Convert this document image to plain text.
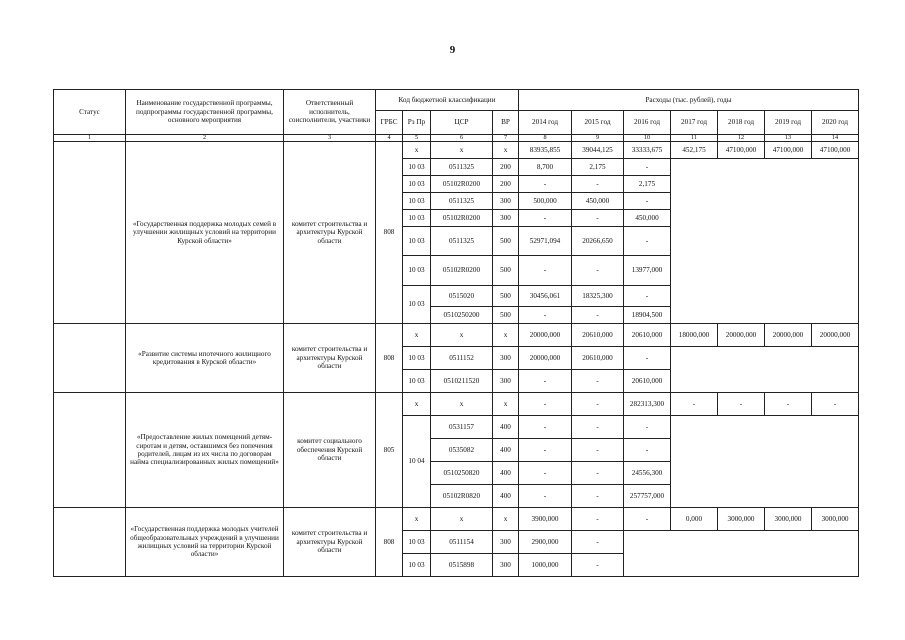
9
Статус	Наименование государственной программы, подпрограммы государственной программы, основного мероприятия	Ответственный исполнитель, соисполнители, участники	Код бюджетной классификации				Расходы (тыс. рублей), годы						
			ГРБС	Рз Пр	ЦСР	ВР	2014 год	2015 год	2016 год	2017 год	2018 год	2019 год	2020 год
1	2	3	4	5	6	7	8	9	10	11	12	13	14
	«Государственная поддержка молодых семей в улучшении жилищных условий на территории Курской области»	комитет строительства и архитектуры Курской области	808	x	x	x	83935,855	39044,125	33333,675	452,175	47100,000	47100,000	47100,000
				10 03	0511325	200	8,700	2,175	-				
				10 03	05102R0200	200	-	-	2,175				
				10 03	0511325	300	500,000	450,000	-				
				10 03	05102R0200	300	-	-	450,000				
				10 03	0511325	500	52971,094	20266,650	-				
				10 03	05102R0200	500	-	-	13977,000				
				10 03	0515020	500	30456,061	18325,300	-				
					0510250200	500	-	-	18904,500				
	«Развитие системы ипотечного жилищного кредитования в Курской области»	комитет строительства и архитектуры Курской области	808	x	x	x	20000,000	20610,000	20610,000	18000,000	20000,000	20000,000	20000,000
				10 03	0511152	300	20000,000	20610,000	-				
				10 03	0510211520	300	-	-	20610,000				
	«Предоставление жилых помещений детям-сиротам и детям, оставшимся без попечения родителей, лицам из их числа по договорам найма специализированных жилых помещений»	комитет социального обеспечения Курской области	805	x	x	x	-	-	282313,300	-	-	-	-
				10 04	0531157	400	-	-	-				
					0535082	400	-	-	-				
					0510250820	400	-	-	24556,300				
					05102R0820	400	-	-	257757,000				
	«Государственная поддержка молодых учителей общеобразовательных учреждений в улучшении жилищных условий на территории Курской области»	комитет строительства и архитектуры Курской области	808	x	x	x	3900,000	-	-	0,000	3000,000	3000,000	3000,000
				10 03	0511154	300	2900,000	-					
				10 03	0515898	300	1000,000	-					
